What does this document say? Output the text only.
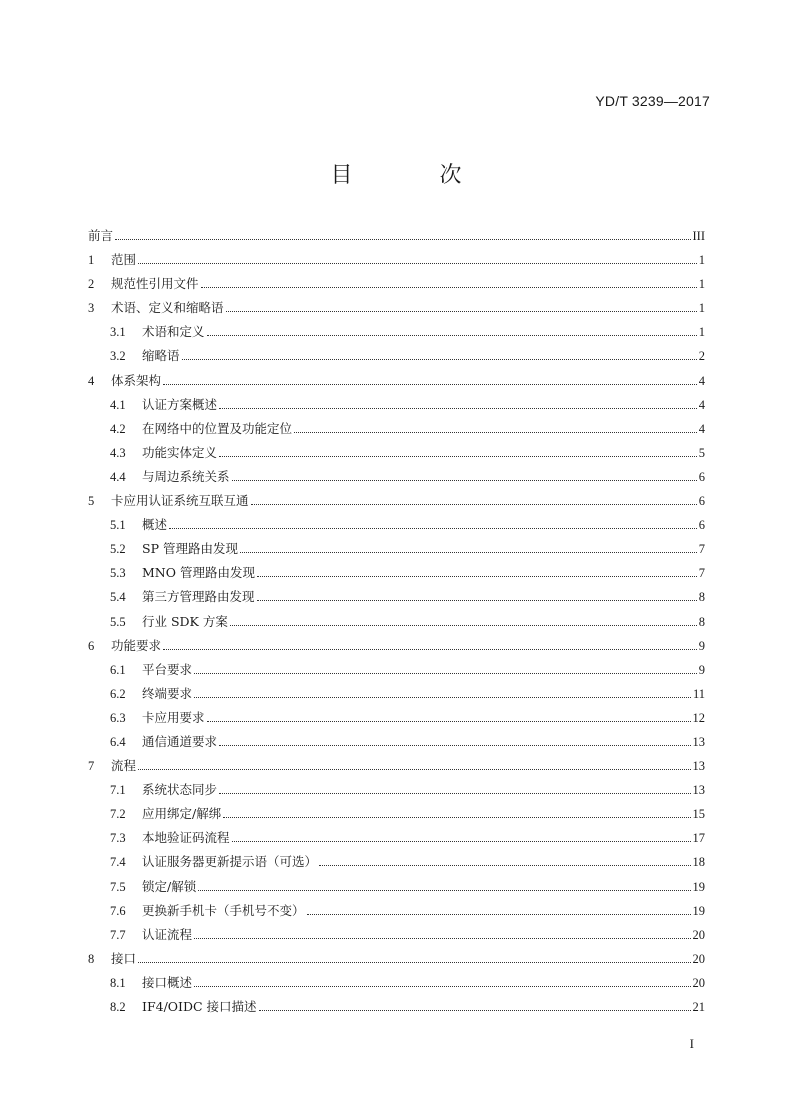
YD/T 3239—2017
目 次
前言	III
1	范围	1
2	规范性引用文件	1
3	术语、定义和缩略语	1
3.1	术语和定义	1
3.2	缩略语	2
4	体系架构	4
4.1	认证方案概述	4
4.2	在网络中的位置及功能定位	4
4.3	功能实体定义	5
4.4	与周边系统关系	6
5	卡应用认证系统互联互通	6
5.1	概述	6
5.2	SP 管理路由发现	7
5.3	MNO 管理路由发现	7
5.4	第三方管理路由发现	8
5.5	行业 SDK 方案	8
6	功能要求	9
6.1	平台要求	9
6.2	终端要求	11
6.3	卡应用要求	12
6.4	通信通道要求	13
7	流程	13
7.1	系统状态同步	13
7.2	应用绑定/解绑	15
7.3	本地验证码流程	17
7.4	认证服务器更新提示语（可选）	18
7.5	锁定/解锁	19
7.6	更换新手机卡（手机号不变）	19
7.7	认证流程	20
8	接口	20
8.1	接口概述	20
8.2	IF4/OIDC 接口描述	21
I
